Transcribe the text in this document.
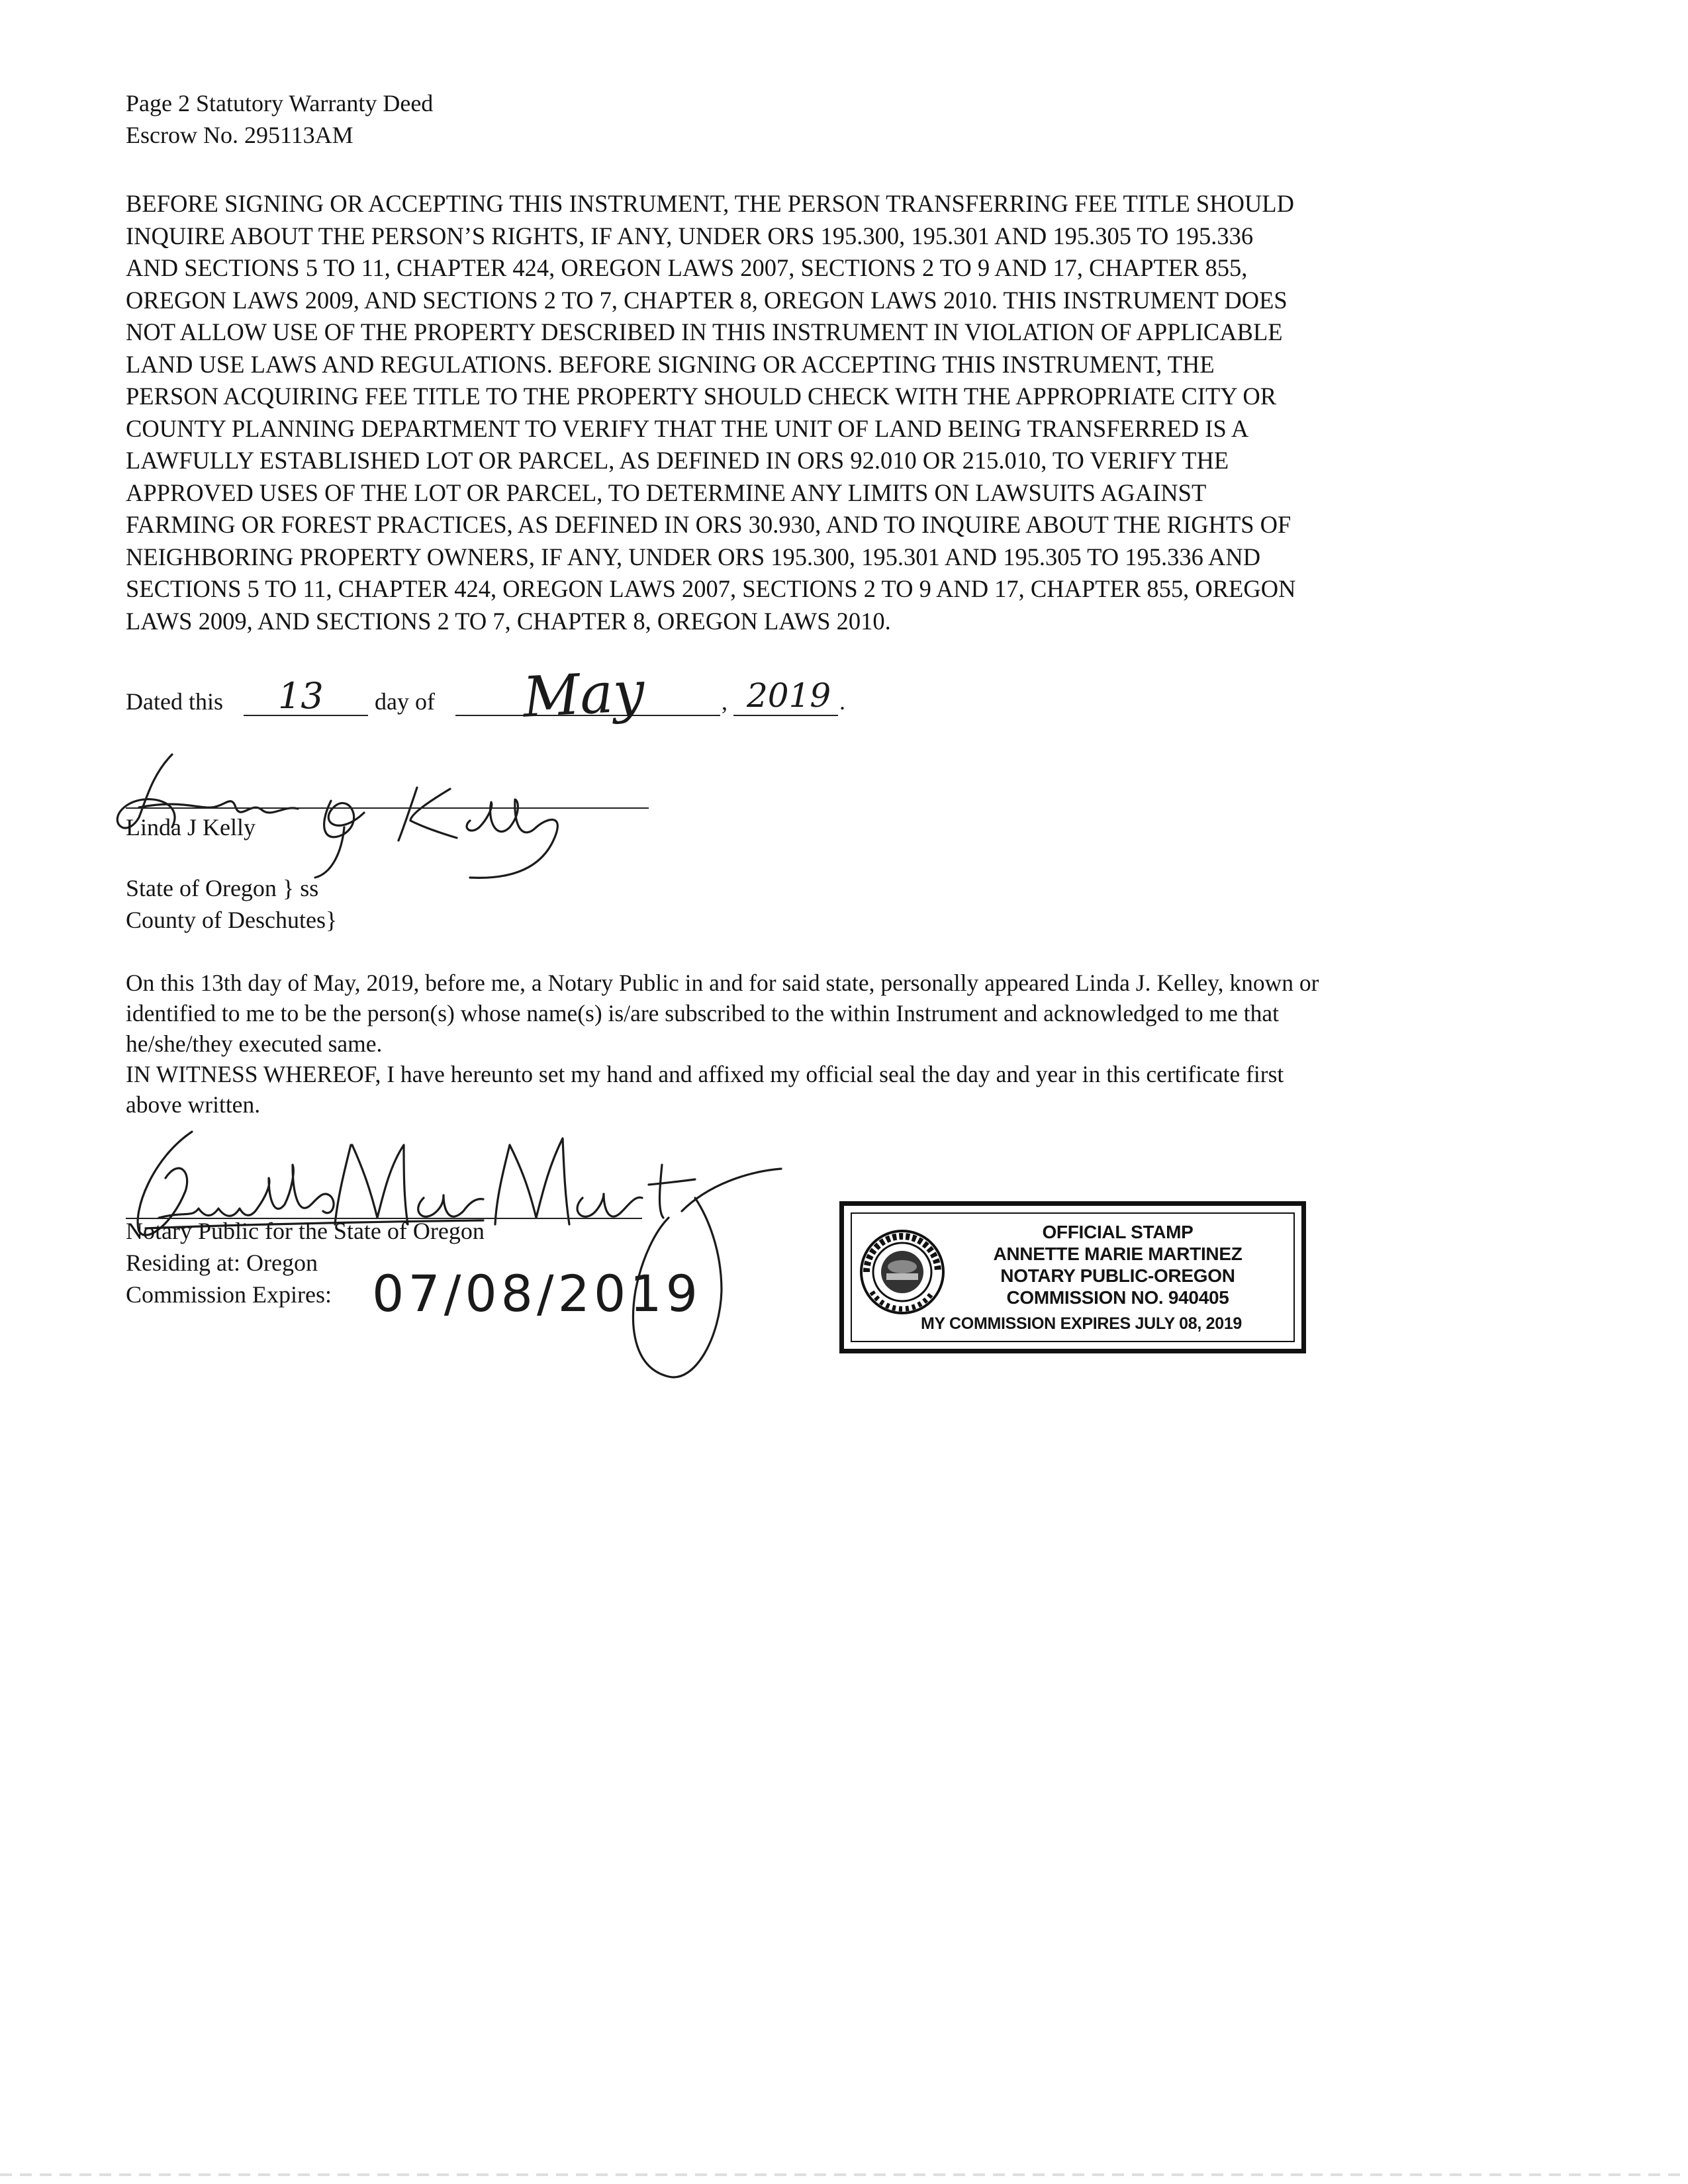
Page 2 Statutory Warranty Deed
Escrow No. 295113AM
BEFORE SIGNING OR ACCEPTING THIS INSTRUMENT, THE PERSON TRANSFERRING FEE TITLE SHOULD
INQUIRE ABOUT THE PERSON’S RIGHTS, IF ANY, UNDER ORS 195.300, 195.301 AND 195.305 TO 195.336
AND SECTIONS 5 TO 11, CHAPTER 424, OREGON LAWS 2007, SECTIONS 2 TO 9 AND 17, CHAPTER 855,
OREGON LAWS 2009, AND SECTIONS 2 TO 7, CHAPTER 8, OREGON LAWS 2010. THIS INSTRUMENT DOES
NOT ALLOW USE OF THE PROPERTY DESCRIBED IN THIS INSTRUMENT IN VIOLATION OF APPLICABLE
LAND USE LAWS AND REGULATIONS. BEFORE SIGNING OR ACCEPTING THIS INSTRUMENT, THE
PERSON ACQUIRING FEE TITLE TO THE PROPERTY SHOULD CHECK WITH THE APPROPRIATE CITY OR
COUNTY PLANNING DEPARTMENT TO VERIFY THAT THE UNIT OF LAND BEING TRANSFERRED IS A
LAWFULLY ESTABLISHED LOT OR PARCEL, AS DEFINED IN ORS 92.010 OR 215.010, TO VERIFY THE
APPROVED USES OF THE LOT OR PARCEL, TO DETERMINE ANY LIMITS ON LAWSUITS AGAINST
FARMING OR FOREST PRACTICES, AS DEFINED IN ORS 30.930, AND TO INQUIRE ABOUT THE RIGHTS OF
NEIGHBORING PROPERTY OWNERS, IF ANY, UNDER ORS 195.300, 195.301 AND 195.305 TO 195.336 AND
SECTIONS 5 TO 11, CHAPTER 424, OREGON LAWS 2007, SECTIONS 2 TO 9 AND 17, CHAPTER 855, OREGON
LAWS 2009, AND SECTIONS 2 TO 7, CHAPTER 8, OREGON LAWS 2010.
Dated this 13 day of May	, 2019 .
Linda J Kelly
State of Oregon } ss
County of Deschutes}
On this 13th day of May, 2019, before me, a Notary Public in and for said state, personally appeared Linda J. Kelley, known or
identified to me to be the person(s) whose name(s) is/are subscribed to the within Instrument and acknowledged to me that
he/she/they executed same.
IN WITNESS WHEREOF, I have hereunto set my hand and affixed my official seal the day and year in this certificate first
above written.
Notary Public for the State of Oregon
Residing at: Oregon
Commission Expires: 07/08/2019
OFFICIAL STAMP
ANNETTE MARIE MARTINEZ
NOTARY PUBLIC-OREGON
COMMISSION NO. 940405
MY COMMISSION EXPIRES JULY 08, 2019
